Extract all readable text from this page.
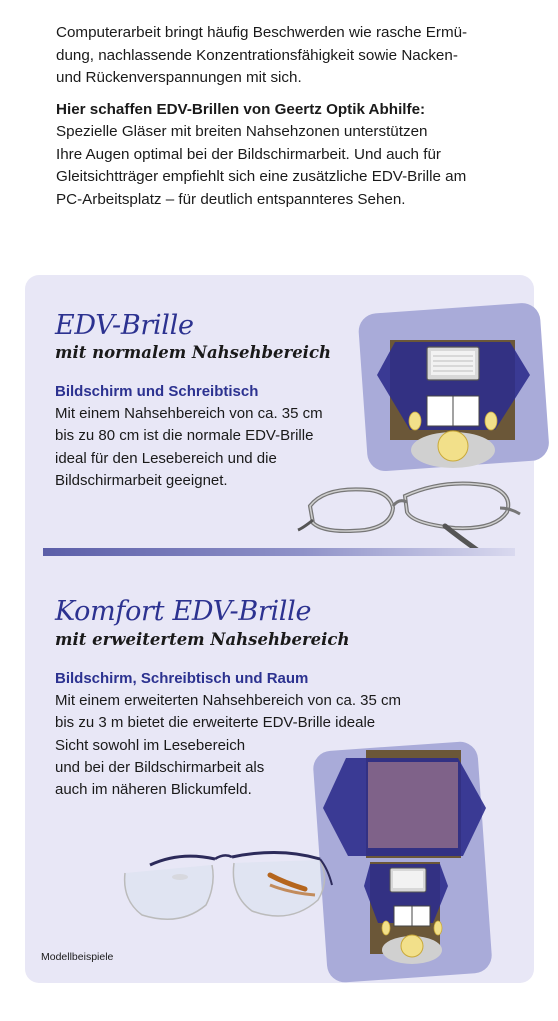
Computerarbeit bringt häufig Beschwerden wie rasche Ermü-
dung, nachlassende Konzentrationsfähigkeit sowie Nacken-
und Rückenverspannungen mit sich.

Hier schaffen EDV-Brillen von Geertz Optik Abhilfe:
Spezielle Gläser mit breiten Nahsehzonen unterstützen
Ihre Augen optimal bei der Bildschirmarbeit. Und auch für
Gleitsichtträger empfiehlt sich eine zusätzliche EDV-Brille am
PC-Arbeitsplatz – für deutlich entspannteres Sehen.

EDV-Brille
mit normalem Nahsehbereich
Bildschirm und Schreibtisch

Mit einem Nahsehbereich von ca. 35 cm
bis zu 80 cm ist die normale EDV-Brille
ideal für den Lesebereich und die
Bildschirmarbeit geeignet.

Komfort EDV-Brille
mit erweitertem Nahsehbereich
Bildschirm, Schreibtisch und Raum

Mit einem erweiterten Nahsehbereich von ca. 35 cm
bis zu 3 m bietet die erweiterte EDV-Brille ideale
Sicht sowohl im Lesebereich
und bei der Bildschirmarbeit als
auch im näheren Blickumfeld.

Modellbeispiele
